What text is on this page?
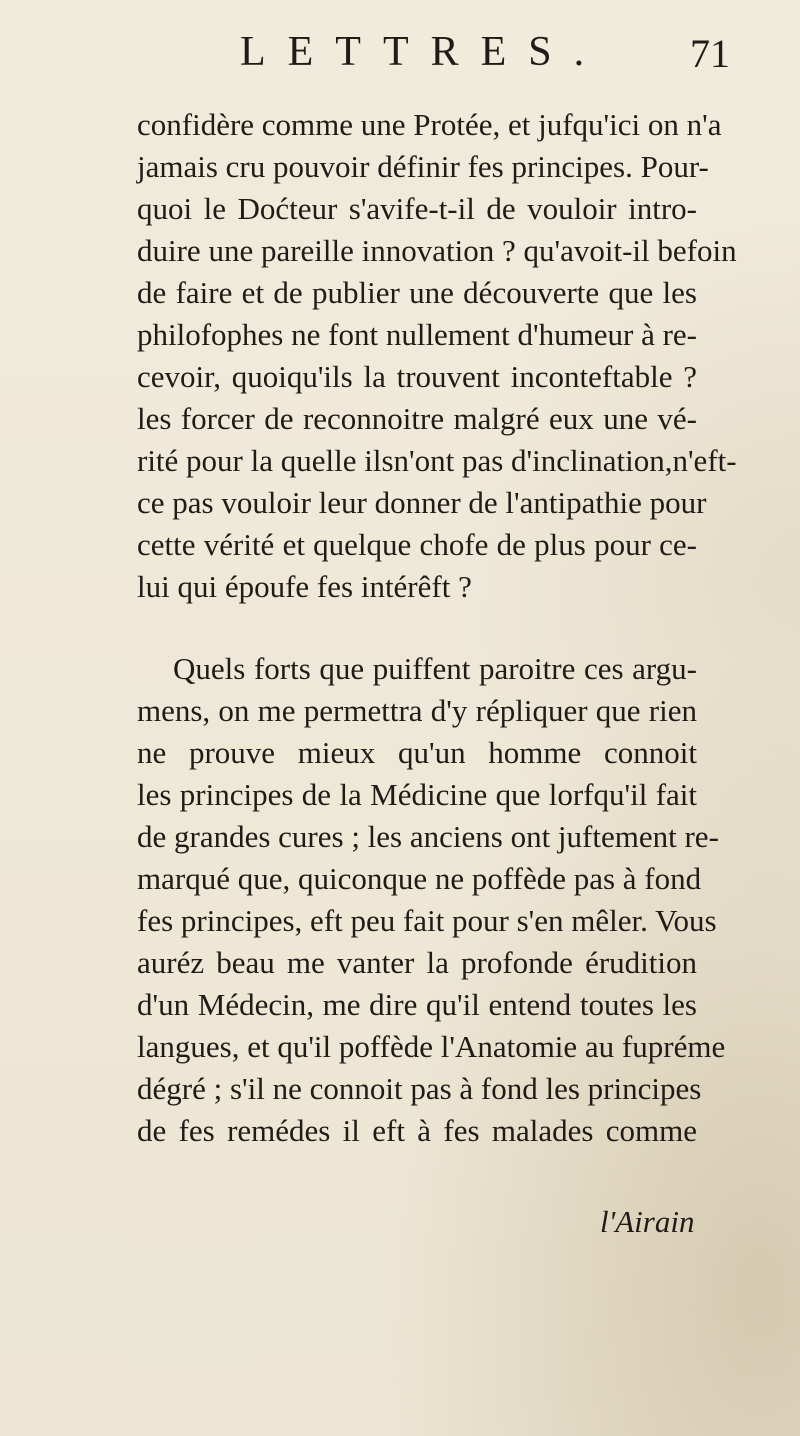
LETTRES. 71
confidère comme une Protée, et jufqu'ici on n'a
jamais cru pouvoir définir fes principes. Pour-
quoi le Doćteur s'avife-t-il de vouloir intro-
duire une pareille innovation ? qu'avoit-il befoin
de faire et de publier une découverte que les
philofophes ne font nullement d'humeur à re-
cevoir, quoiqu'ils la trouvent inconteftable ?
les forcer de reconnoitre malgré eux une vé-
rité pour la quelle ilsn'ont pas d'inclination,n'eft-
ce pas vouloir leur donner de l'antipathie pour
cette vérité et quelque chofe de plus pour ce-
lui qui époufe fes intérêft ?
Quels forts que puiffent paroitre ces argu-
mens, on me permettra d'y répliquer que rien
ne prouve mieux qu'un homme connoit
les principes de la Médicine que lorfqu'il fait
de grandes cures ; les anciens ont juftement re-
marqué que, quiconque ne poffède pas à fond
fes principes, eft peu fait pour s'en mêler. Vous
auréz beau me vanter la profonde érudition
d'un Médecin, me dire qu'il entend toutes les
langues, et qu'il poffède l'Anatomie au fupréme
dégré ; s'il ne connoit pas à fond les principes
de fes remédes il eft à fes malades comme
l'Airain
